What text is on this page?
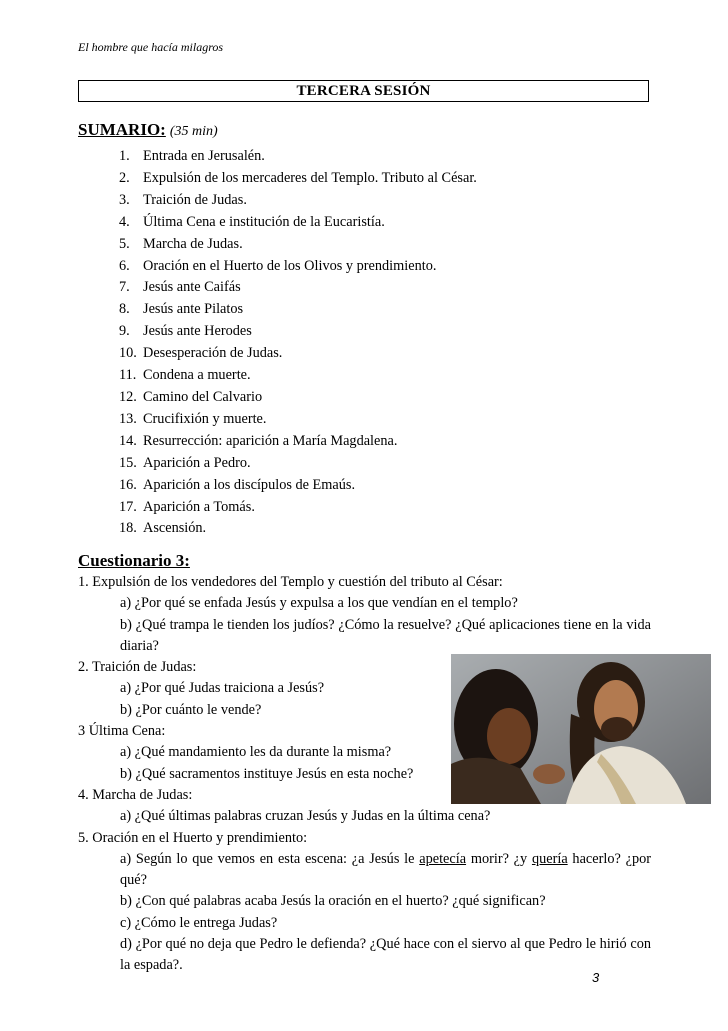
El hombre que hacía milagros
TERCERA SESIÓN
SUMARIO: (35 min)
1. Entrada en Jerusalén.
2. Expulsión de los mercaderes del Templo. Tributo al César.
3. Traición de Judas.
4. Última Cena e institución de la Eucaristía.
5. Marcha de Judas.
6. Oración en el Huerto de los Olivos y prendimiento.
7. Jesús ante Caifás
8. Jesús ante Pilatos
9. Jesús ante Herodes
10. Desesperación de Judas.
11. Condena a muerte.
12. Camino del Calvario
13. Crucifixión y muerte.
14. Resurrección: aparición a María Magdalena.
15. Aparición a Pedro.
16. Aparición a los discípulos de Emaús.
17. Aparición a Tomás.
18. Ascensión.
Cuestionario 3:
1. Expulsión de los vendedores del Templo y cuestión del tributo al César:
a) ¿Por qué se enfada Jesús y expulsa a los que vendían en el templo?
b) ¿Qué trampa le tienden los judíos? ¿Cómo la resuelve? ¿Qué aplicaciones tiene en la vida diaria?
2. Traición de Judas:
a) ¿Por qué Judas traiciona a Jesús?
b) ¿Por cuánto le vende?
3 Última Cena:
a) ¿Qué mandamiento les da durante la misma?
b) ¿Qué sacramentos instituye Jesús en esta noche?
4. Marcha de Judas:
a) ¿Qué últimas palabras cruzan Jesús y Judas en la última cena?
5. Oración en el Huerto y prendimiento:
a) Según lo que vemos en esta escena: ¿a Jesús le apetecía morir? ¿y quería hacerlo? ¿por qué?
b) ¿Con qué palabras acaba Jesús la oración en el huerto? ¿qué significan?
c) ¿Cómo le entrega Judas?
d) ¿Por qué no deja que Pedro le defienda? ¿Qué hace con el siervo al que Pedro le hirió con la espada?.
3
